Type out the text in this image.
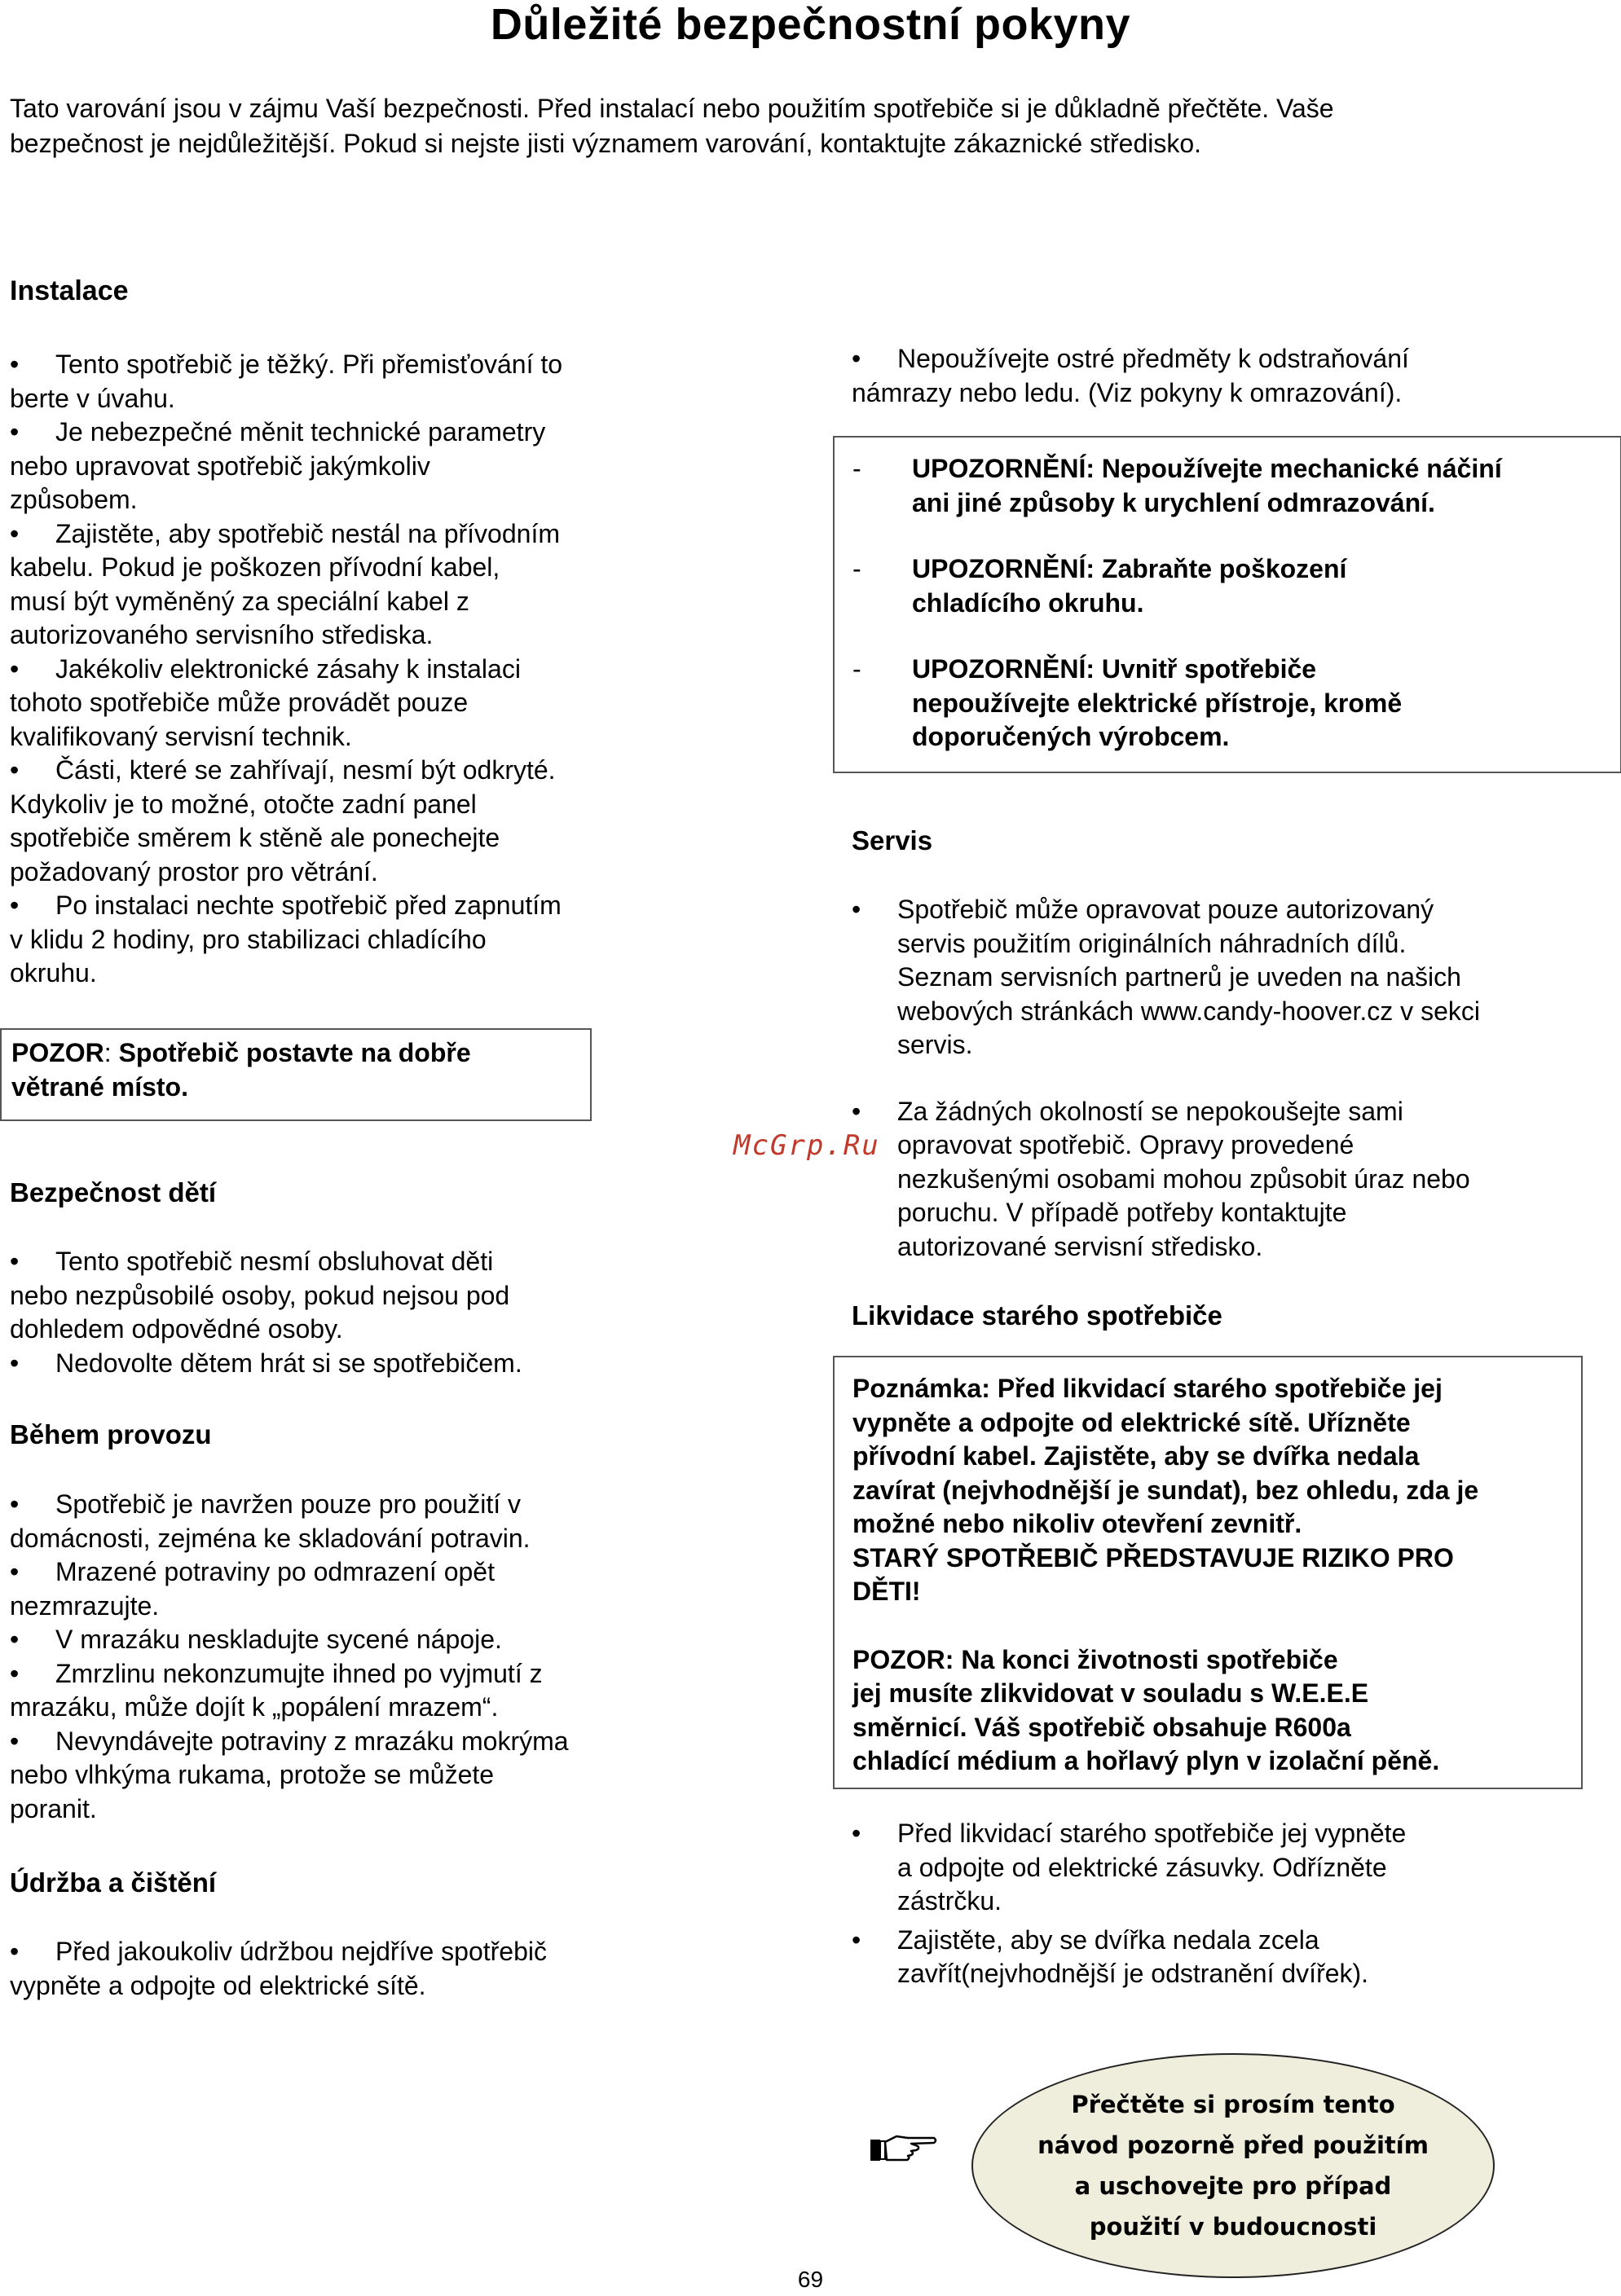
Důležité bezpečnostní pokyny
Tato varování jsou v zájmu Vaší bezpečnosti. Před instalací nebo použitím spotřebiče si je důkladně přečtěte. Vaše
bezpečnost je nejdůležitější. Pokud si nejste jisti významem varování, kontaktujte zákaznické středisko.
Instalace
• Tento spotřebič je těžký. Při přemisťování to
berte v úvahu.
• Je nebezpečné měnit technické parametry
nebo upravovat spotřebič jakýmkoliv
způsobem.
• Zajistěte, aby spotřebič nestál na přívodním
kabelu. Pokud je poškozen přívodní kabel,
musí být vyměněný za speciální kabel z
autorizovaného servisního střediska.
• Jakékoliv elektronické zásahy k instalaci
tohoto spotřebiče může provádět pouze
kvalifikovaný servisní technik.
• Části, které se zahřívají, nesmí být odkryté.
Kdykoliv je to možné, otočte zadní panel
spotřebiče směrem k stěně ale ponechejte
požadovaný prostor pro větrání.
• Po instalaci nechte spotřebič před zapnutím
v klidu 2 hodiny, pro stabilizaci chladícího
okruhu.
POZOR: Spotřebič postavte na dobře
větrané místo.
Bezpečnost dětí
• Tento spotřebič nesmí obsluhovat děti
nebo nezpůsobilé osoby, pokud nejsou pod
dohledem odpovědné osoby.
• Nedovolte dětem hrát si se spotřebičem.
Během provozu
• Spotřebič je navržen pouze pro použití v
domácnosti, zejména ke skladování potravin.
• Mrazené potraviny po odmrazení opět
nezmrazujte.
• V mrazáku neskladujte sycené nápoje.
• Zmrzlinu nekonzumujte ihned po vyjmutí z
mrazáku, může dojít k „popálení mrazem“.
• Nevyndávejte potraviny z mrazáku mokrýma
nebo vlhkýma rukama, protože se můžete
poranit.
Údržba a čištění
• Před jakoukoliv údržbou nejdříve spotřebič
vypněte a odpojte od elektrické sítě.
• Nepoužívejte ostré předměty k odstraňování
námrazy nebo ledu. (Viz pokyny k omrazování).
- UPOZORNĚNÍ: Nepoužívejte mechanické náčiní
ani jiné způsoby k urychlení odmrazování.
- UPOZORNĚNÍ: Zabraňte poškození
chladícího okruhu.
- UPOZORNĚNÍ: Uvnitř spotřebiče
nepoužívejte elektrické přístroje, kromě
doporučených výrobcem.
Servis
• Spotřebič může opravovat pouze autorizovaný
servis použitím originálních náhradních dílů.
Seznam servisních partnerů je uveden na našich
webových stránkách www.candy-hoover.cz v sekci
servis.
• Za žádných okolností se nepokoušejte sami
opravovat spotřebič. Opravy provedené
nezkušenými osobami mohou způsobit úraz nebo
poruchu. V případě potřeby kontaktujte
autorizované servisní středisko.
Likvidace starého spotřebiče
Poznámka: Před likvidací starého spotřebiče jej
vypněte a odpojte od elektrické sítě. Uřízněte
přívodní kabel. Zajistěte, aby se dvířka nedala
zavírat (nejvhodnější je sundat), bez ohledu, zda je
možné nebo nikoliv otevření zevnitř.
STARÝ SPOTŘEBIČ PŘEDSTAVUJE RIZIKO PRO
DĚTI!
POZOR: Na konci životnosti spotřebiče
jej musíte zlikvidovat v souladu s W.E.E.E
směrnicí. Váš spotřebič obsahuje R600a
chladící médium a hořlavý plyn v izolační pěně.
• Před likvidací starého spotřebiče jej vypněte
a odpojte od elektrické zásuvky. Odřízněte
zástrčku.
• Zajistěte, aby se dvířka nedala zcela
zavřít(nejvhodnější je odstranění dvířek).
Přečtěte si prosím tento
návod pozorně před použitím
a uschovejte pro případ
použití v budoucnosti
McGrp.Ru
69
